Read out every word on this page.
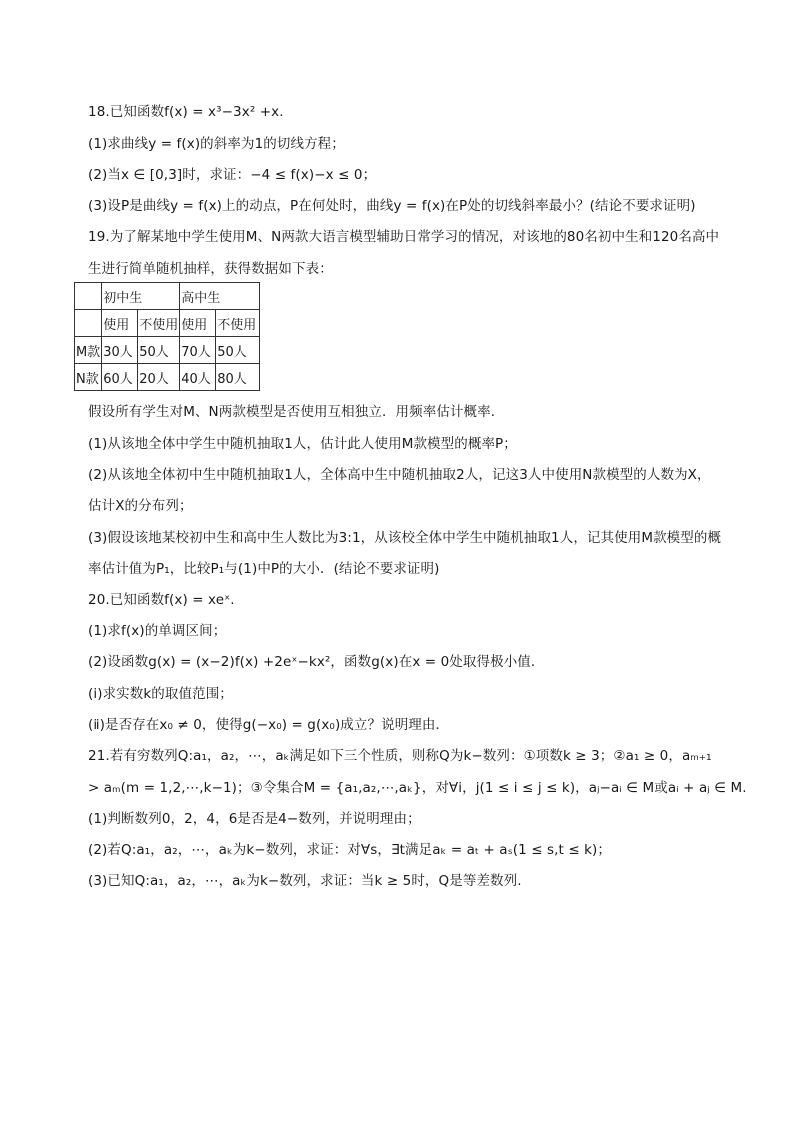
18.已知函数f(x) = x³−3x² +x.
(1)求曲线y = f(x)的斜率为1的切线方程；
(2)当x ∈ [0,3]时，求证：−4 ≤ f(x)−x ≤ 0；
(3)设P是曲线y = f(x)上的动点，P在何处时，曲线y = f(x)在P处的切线斜率最小？(结论不要求证明)
19.为了解某地中学生使用M、N两款大语言模型辅助日常学习的情况，对该地的80名初中生和120名高中
生进行简单随机抽样，获得数据如下表：
	初中生		高中生	
	使用	不使用	使用	不使用
M款	30人	50人	70人	50人
N款	60人	20人	40人	80人
假设所有学生对M、N两款模型是否使用互相独立．用频率估计概率．
(1)从该地全体中学生中随机抽取1人，估计此人使用M款模型的概率P；
(2)从该地全体初中生中随机抽取1人，全体高中生中随机抽取2人，记这3人中使用N款模型的人数为X，
估计X的分布列；
(3)假设该地某校初中生和高中生人数比为3:1，从该校全体中学生中随机抽取1人，记其使用M款模型的概
率估计值为P₁，比较P₁与(1)中P的大小．(结论不要求证明)
20.已知函数f(x) = xeˣ.
(1)求f(x)的单调区间；
(2)设函数g(x) = (x−2)f(x) +2eˣ−kx²，函数g(x)在x = 0处取得极小值．
(ⅰ)求实数k的取值范围；
(ⅱ)是否存在x₀ ≠ 0，使得g(−x₀) = g(x₀)成立？说明理由．
21.若有穷数列Q:a₁，a₂，⋯，aₖ满足如下三个性质，则称Q为k−数列：①项数k ≥ 3；②a₁ ≥ 0，aₘ₊₁
> aₘ(m = 1,2,⋯,k−1)；③令集合M = {a₁,a₂,⋯,aₖ}，对∀i，j(1 ≤ i ≤ j ≤ k)，aⱼ−aᵢ ∈ M或aᵢ + aⱼ ∈ M.
(1)判断数列0，2，4，6是否是4−数列，并说明理由；
(2)若Q:a₁，a₂，⋯，aₖ为k−数列，求证：对∀s，∃t满足aₖ = aₜ + aₛ(1 ≤ s,t ≤ k)；
(3)已知Q:a₁，a₂，⋯，aₖ为k−数列，求证：当k ≥ 5时，Q是等差数列.
